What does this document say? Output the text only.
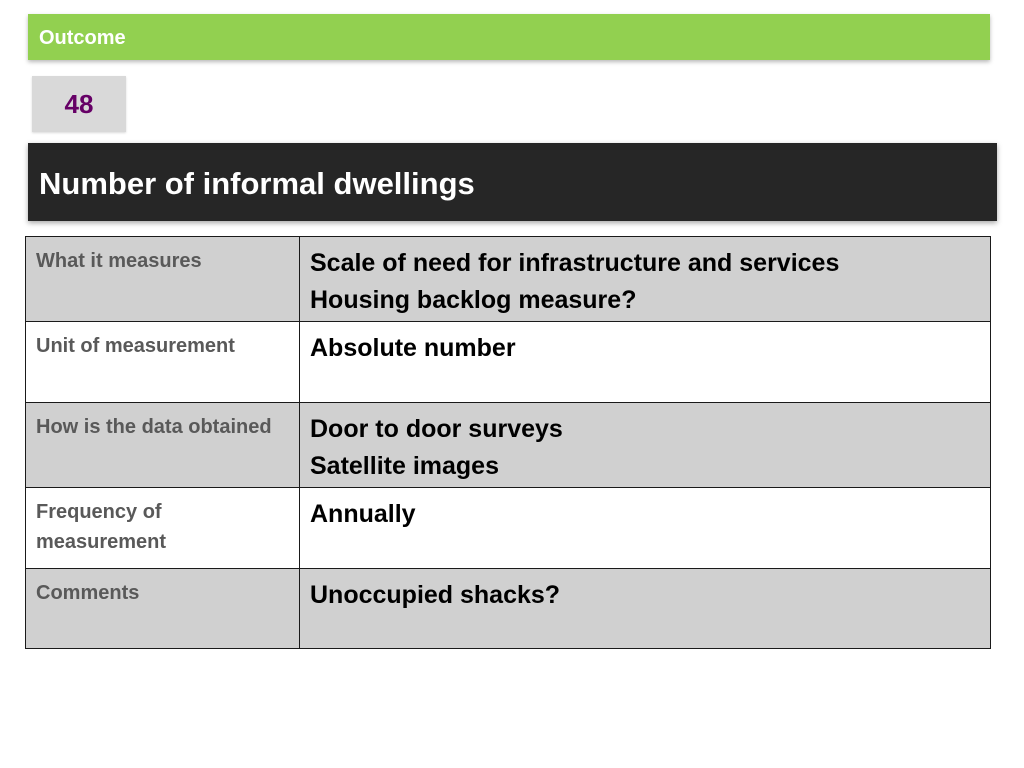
Outcome
48
Number of informal dwellings
What it measures	Scale of need for infrastructure and services
Housing backlog measure?

Unit of measurement	Absolute number

How is the data obtained	Door to door surveys
Satellite images

Frequency of measurement	Annually

Comments	Unoccupied shacks?
